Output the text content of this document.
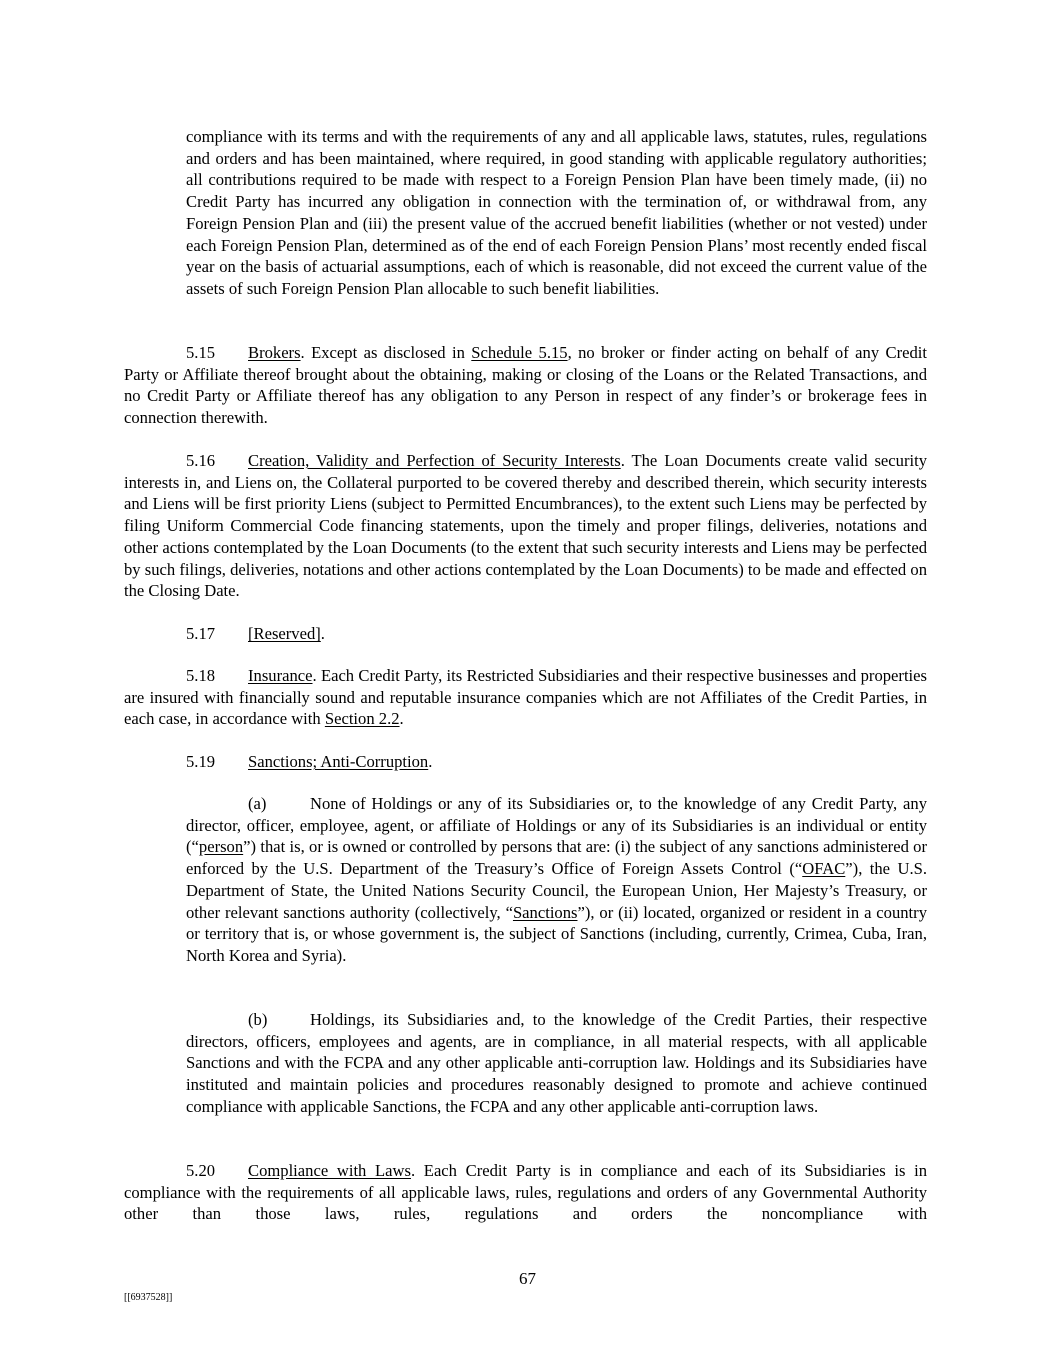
compliance with its terms and with the requirements of any and all applicable laws, statutes, rules, regulations and orders and has been maintained, where required, in good standing with applicable regulatory authorities; all contributions required to be made with respect to a Foreign Pension Plan have been timely made, (ii) no Credit Party has incurred any obligation in connection with the termination of, or withdrawal from, any Foreign Pension Plan and (iii) the present value of the accrued benefit liabilities (whether or not vested) under each Foreign Pension Plan, determined as of the end of each Foreign Pension Plans’ most recently ended fiscal year on the basis of actuarial assumptions, each of which is reasonable, did not exceed the current value of the assets of such Foreign Pension Plan allocable to such benefit liabilities.

5.15 Brokers. Except as disclosed in Schedule 5.15, no broker or finder acting on behalf of any Credit Party or Affiliate thereof brought about the obtaining, making or closing of the Loans or the Related Transactions, and no Credit Party or Affiliate thereof has any obligation to any Person in respect of any finder’s or brokerage fees in connection therewith.

5.16 Creation, Validity and Perfection of Security Interests. The Loan Documents create valid security interests in, and Liens on, the Collateral purported to be covered thereby and described therein, which security interests and Liens will be first priority Liens (subject to Permitted Encumbrances), to the extent such Liens may be perfected by filing Uniform Commercial Code financing statements, upon the timely and proper filings, deliveries, notations and other actions contemplated by the Loan Documents (to the extent that such security interests and Liens may be perfected by such filings, deliveries, notations and other actions contemplated by the Loan Documents) to be made and effected on the Closing Date.

5.17 [Reserved].

5.18 Insurance. Each Credit Party, its Restricted Subsidiaries and their respective businesses and properties are insured with financially sound and reputable insurance companies which are not Affiliates of the Credit Parties, in each case, in accordance with Section 2.2.

5.19 Sanctions; Anti-Corruption.

(a)	None of Holdings or any of its Subsidiaries or, to the knowledge of any Credit Party, any director, officer, employee, agent, or affiliate of Holdings or any of its Subsidiaries is an individual or entity (“person”) that is, or is owned or controlled by persons that are: (i) the subject of any sanctions administered or enforced by the U.S. Department of the Treasury’s Office of Foreign Assets Control (“OFAC”), the U.S. Department of State, the United Nations Security Council, the European Union, Her Majesty’s Treasury, or other relevant sanctions authority (collectively, “Sanctions”), or (ii) located, organized or resident in a country or territory that is, or whose government is, the subject of Sanctions (including, currently, Crimea, Cuba, Iran, North Korea and Syria).

(b)	Holdings, its Subsidiaries and, to the knowledge of the Credit Parties, their respective directors, officers, employees and agents, are in compliance, in all material respects, with all applicable Sanctions and with the FCPA and any other applicable anti-corruption law. Holdings and its Subsidiaries have instituted and maintain policies and procedures reasonably designed to promote and achieve continued compliance with applicable Sanctions, the FCPA and any other applicable anti-corruption laws.

5.20 Compliance with Laws. Each Credit Party is in compliance and each of its Subsidiaries is in compliance with the requirements of all applicable laws, rules, regulations and orders of any Governmental Authority other than those laws, rules, regulations and orders the noncompliance with

67
[[6937528]]
